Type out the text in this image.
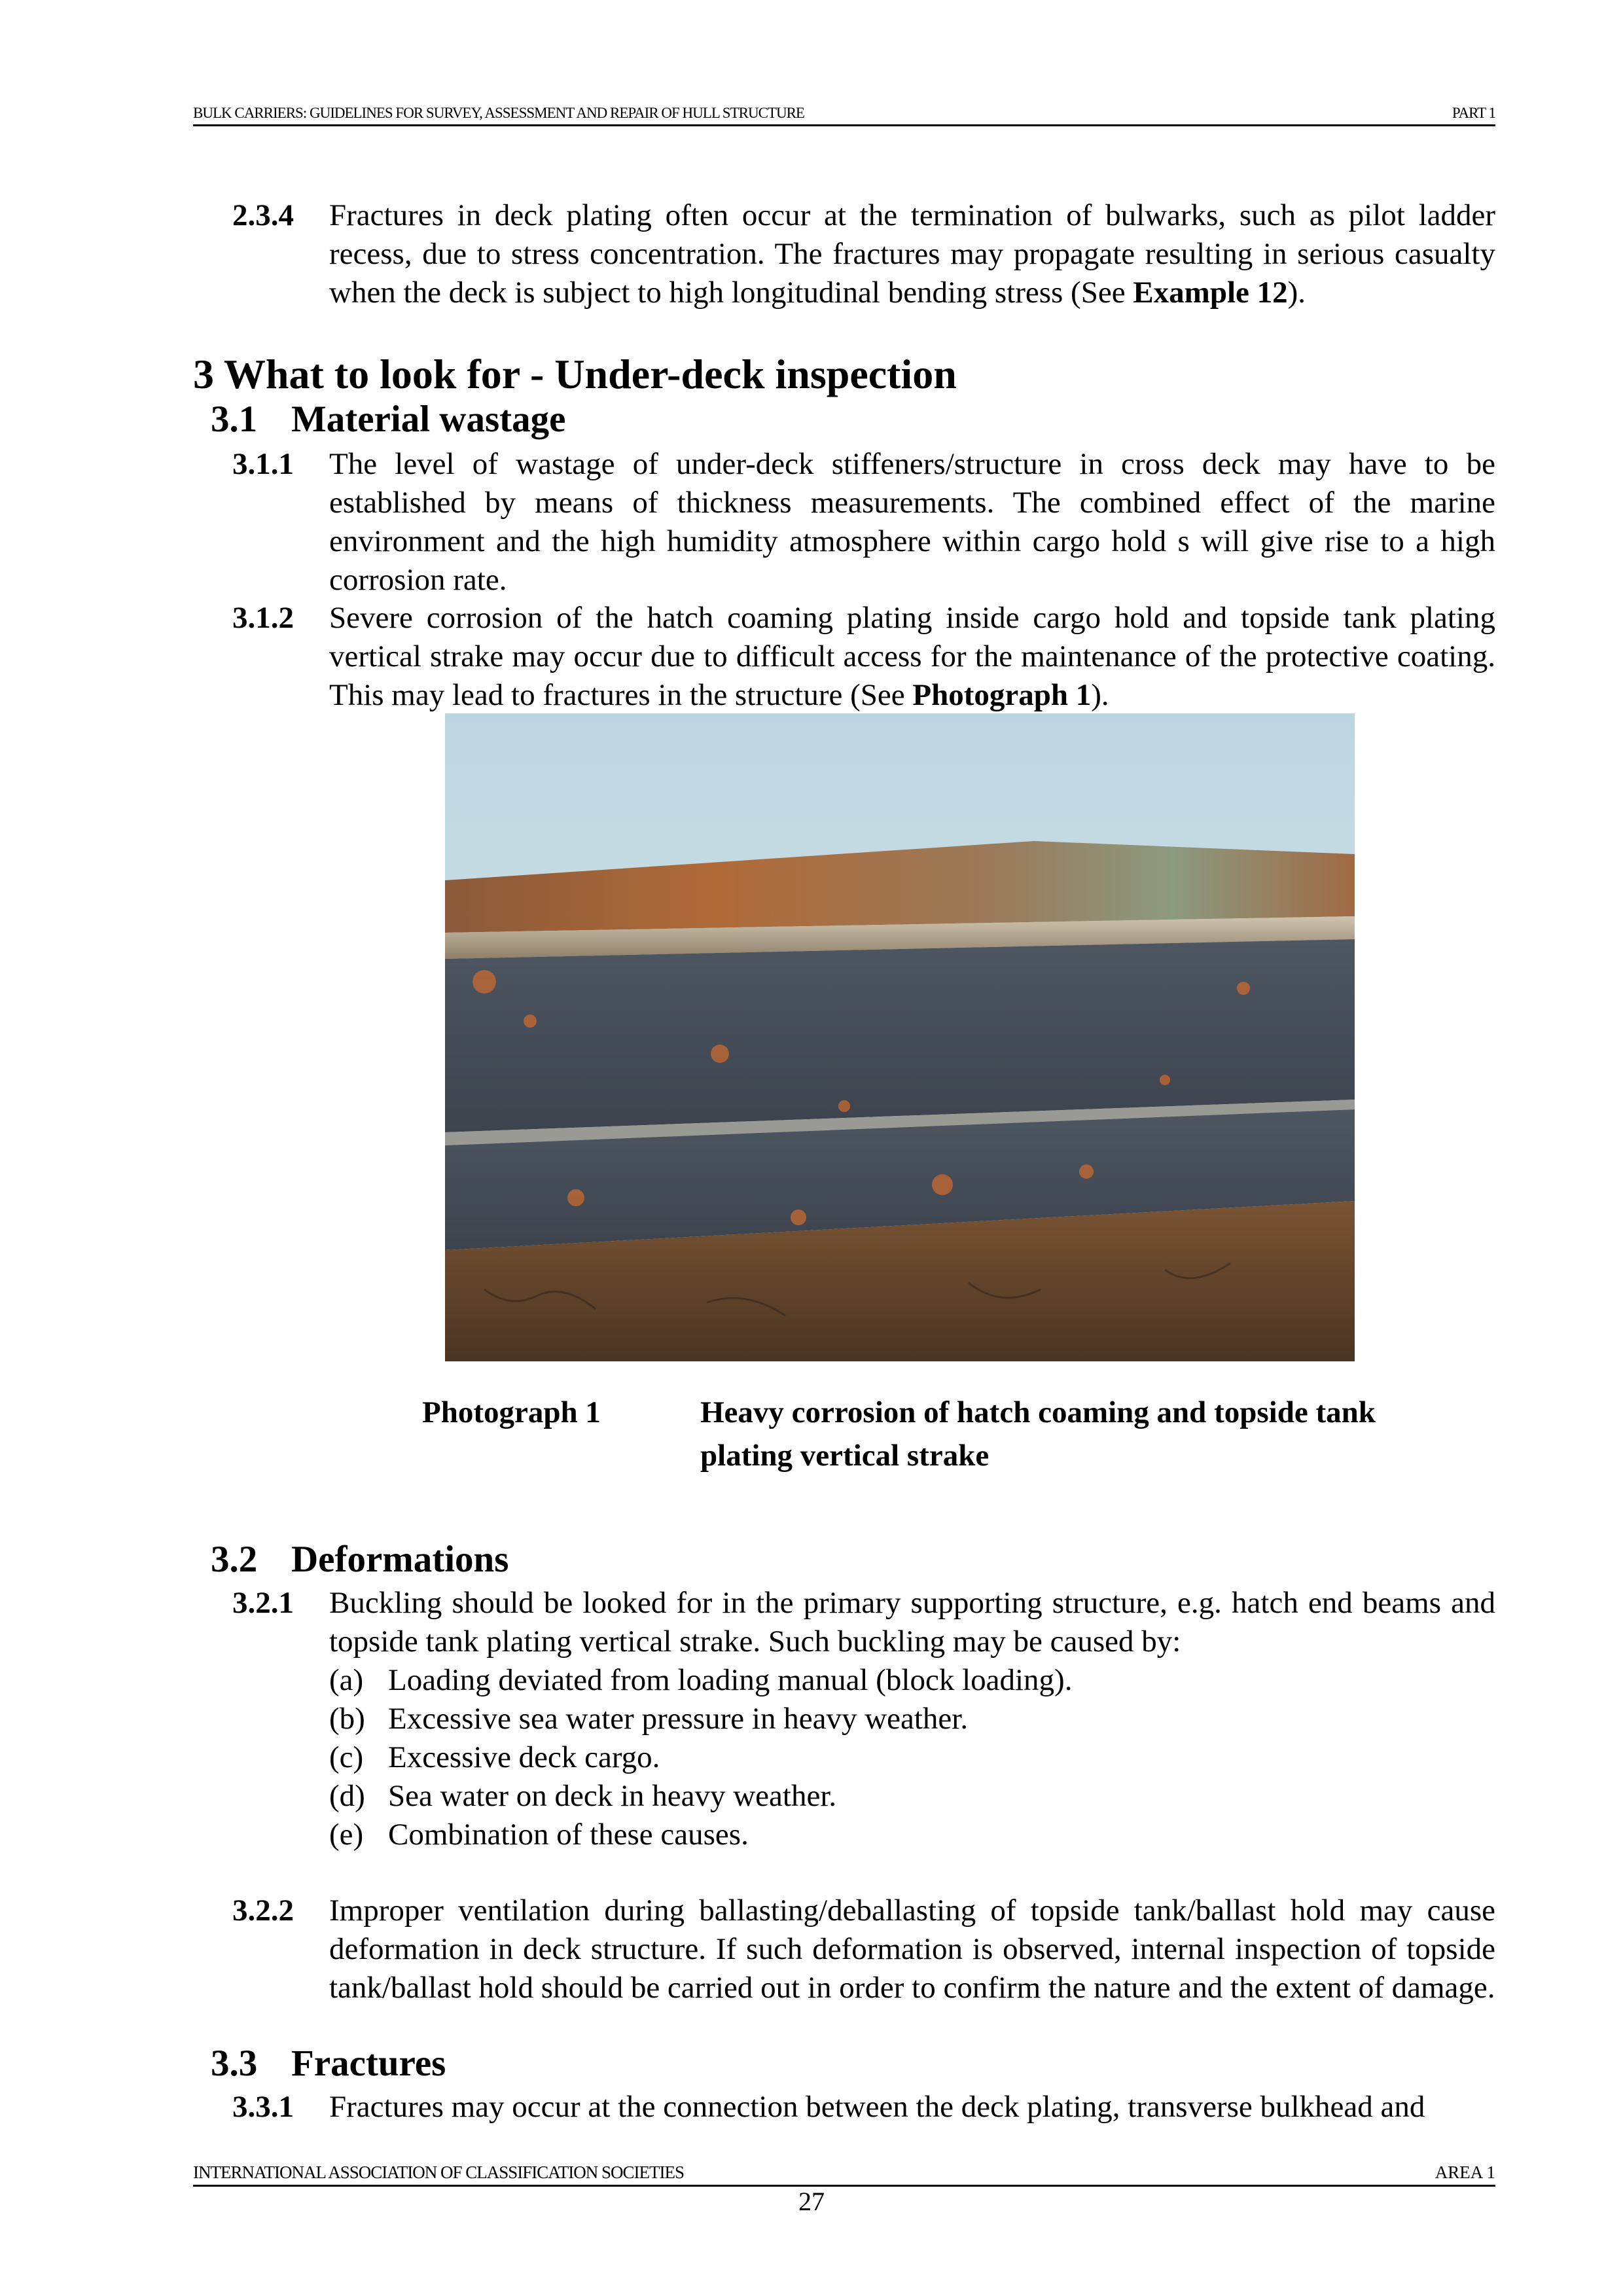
BULK CARRIERS: GUIDELINES FOR SURVEY, ASSESSMENT AND REPAIR OF HULL STRUCTURE	PART 1
2.3.4 Fractures in deck plating often occur at the termination of bulwarks, such as pilot ladder recess, due to stress concentration. The fractures may propagate resulting in serious casualty when the deck is subject to high longitudinal bending stress (See Example 12).
3 What to look for - Under-deck inspection
3.1 Material wastage
3.1.1 The level of wastage of under-deck stiffeners/structure in cross deck may have to be established by means of thickness measurements. The combined effect of the marine environment and the high humidity atmosphere within cargo hold s will give rise to a high corrosion rate.
3.1.2 Severe corrosion of the hatch coaming plating inside cargo hold and topside tank plating vertical strake may occur due to difficult access for the maintenance of the protective coating. This may lead to fractures in the structure (See Photograph 1).
Photograph 1	Heavy corrosion of hatch coaming and topside tank plating vertical strake
3.2 Deformations
3.2.1 Buckling should be looked for in the primary supporting structure, e.g. hatch end beams and topside tank plating vertical strake. Such buckling may be caused by:
(a) Loading deviated from loading manual (block loading).
(b) Excessive sea water pressure in heavy weather.
(c) Excessive deck cargo.
(d) Sea water on deck in heavy weather.
(e) Combination of these causes.
3.2.2 Improper ventilation during ballasting/deballasting of topside tank/ballast hold may cause deformation in deck structure. If such deformation is observed, internal inspection of topside tank/ballast hold should be carried out in order to confirm the nature and the extent of damage.
3.3 Fractures
3.3.1 Fractures may occur at the connection between the deck plating, transverse bulkhead and
INTERNATIONAL ASSOCIATION OF CLASSIFICATION SOCIETIES	AREA 1
27
